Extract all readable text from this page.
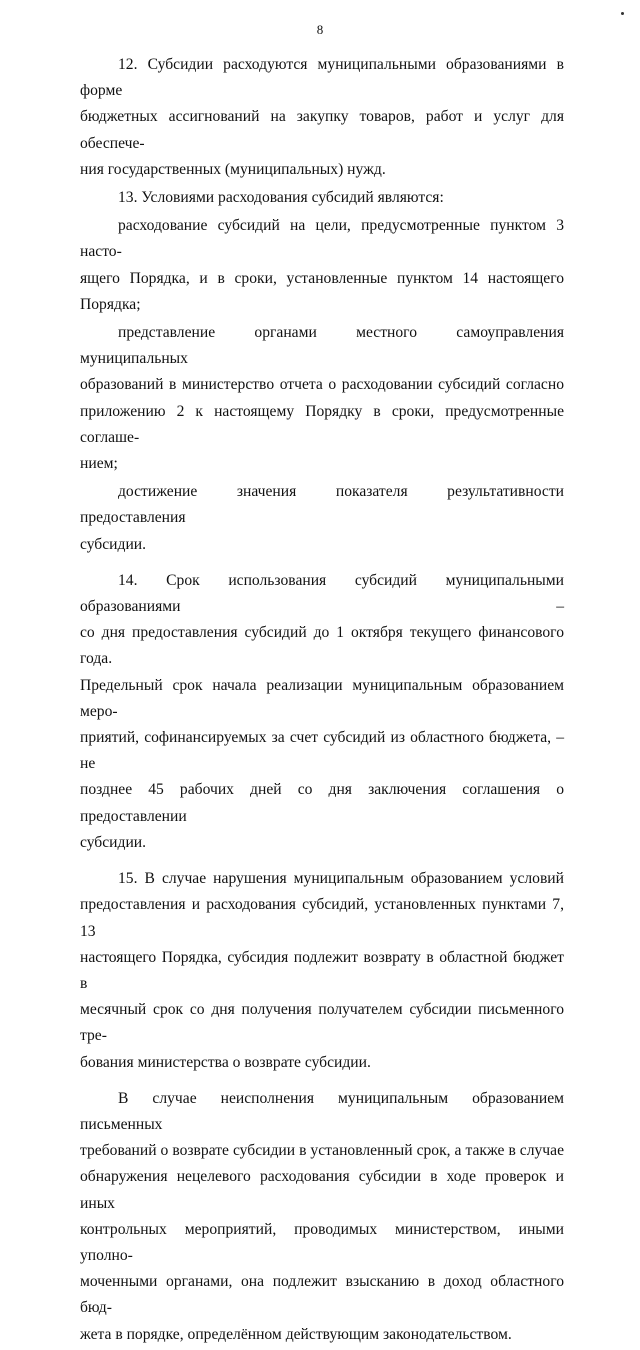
8

12. Субсидии расходуются муниципальными образованиями в форме
бюджетных ассигнований на закупку товаров, работ и услуг для обеспече-
ния государственных (муниципальных) нужд.

13. Условиями расходования субсидий являются:

расходование субсидий на цели, предусмотренные пунктом 3 насто-
ящего Порядка, и в сроки, установленные пунктом 14 настоящего Порядка;

представление органами местного самоуправления муниципальных
образований в министерство отчета о расходовании субсидий согласно
приложению 2 к настоящему Порядку в сроки, предусмотренные соглаше-
нием;

достижение значения показателя результативности предоставления
субсидии.

14. Срок использования субсидий муниципальными образованиями –
со дня предоставления субсидий до 1 октября текущего финансового года.
Предельный срок начала реализации муниципальным образованием меро-
приятий, софинансируемых за счет субсидий из областного бюджета, – не
позднее 45 рабочих дней со дня заключения соглашения о предоставлении
субсидии.

15. В случае нарушения муниципальным образованием условий
предоставления и расходования субсидий, установленных пунктами 7, 13
настоящего Порядка, субсидия подлежит возврату в областной бюджет в
месячный срок со дня получения получателем субсидии письменного тре-
бования министерства о возврате субсидии.

В случае неисполнения муниципальным образованием письменных
требований о возврате субсидии в установленный срок, а также в случае
обнаружения нецелевого расходования субсидии в ходе проверок и иных
контрольных мероприятий, проводимых министерством, иными уполно-
моченными органами, она подлежит взысканию в доход областного бюд-
жета в порядке, определённом действующим законодательством.
